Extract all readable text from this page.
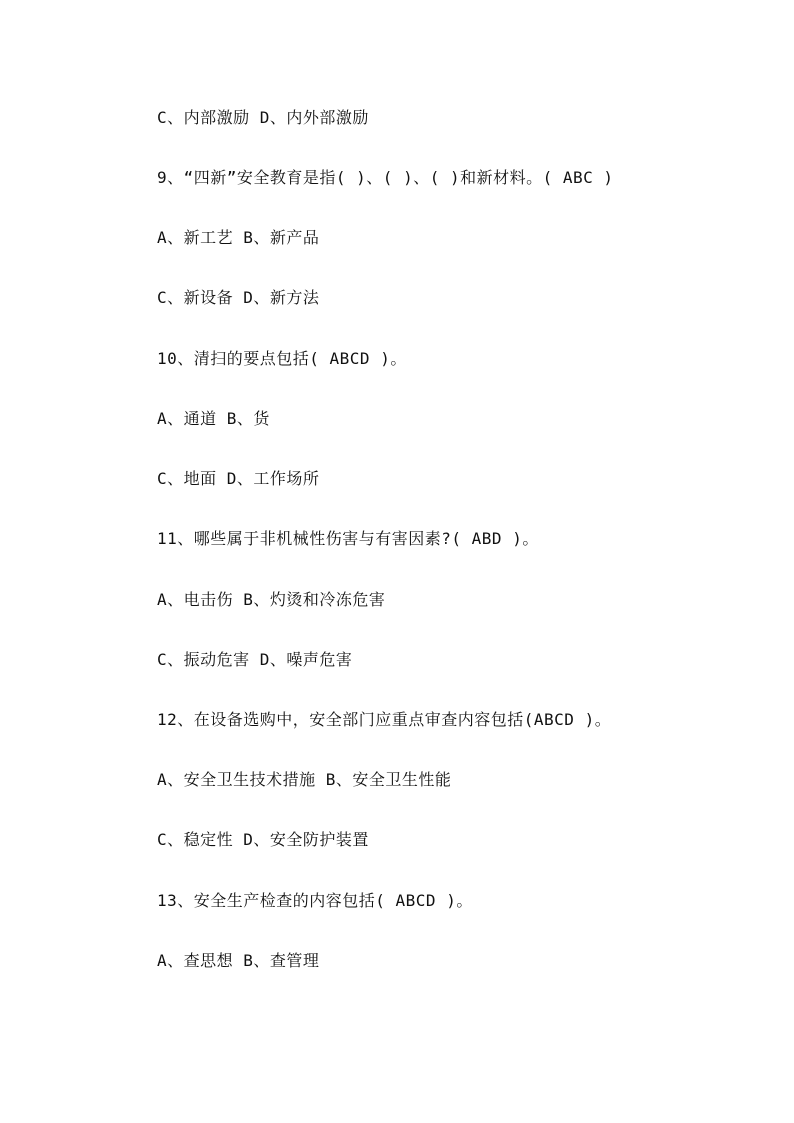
C、内部激励 D、内外部激励
9、“四新”安全教育是指( )、( )、( )和新材料。( ABC )
A、新工艺 B、新产品
C、新设备 D、新方法
10、清扫的要点包括( ABCD )。
A、通道 B、货
C、地面 D、工作场所
11、哪些属于非机械性伤害与有害因素?( ABD )。
A、电击伤 B、灼烫和冷冻危害
C、振动危害 D、噪声危害
12、在设备选购中，安全部门应重点审查内容包括(ABCD )。
A、安全卫生技术措施 B、安全卫生性能
C、稳定性 D、安全防护装置
13、安全生产检查的内容包括( ABCD )。
A、查思想 B、查管理
